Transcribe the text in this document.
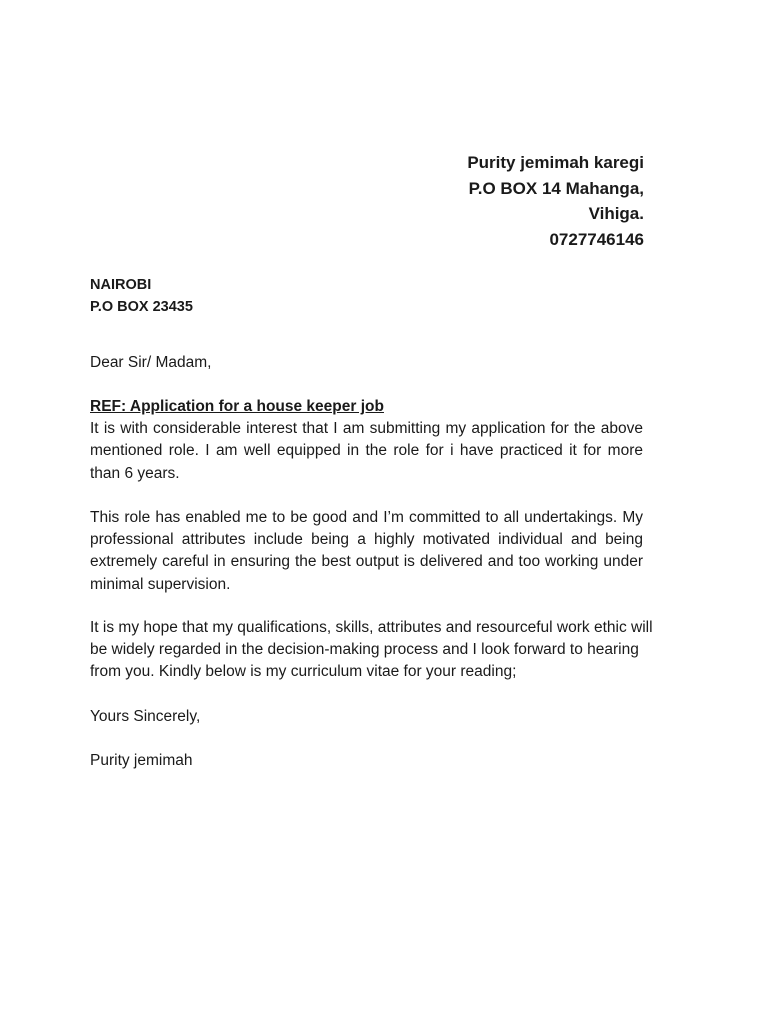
Purity jemimah karegi
P.O BOX 14 Mahanga,
Vihiga.
0727746146
NAIROBI
P.O BOX 23435
Dear Sir/ Madam,
REF: Application for a house keeper job
It is with considerable interest that I am submitting my application for the above mentioned role. I am well equipped in the role for i have practiced it for more than 6 years.
This role has enabled me to be good and I’m committed to all undertakings. My professional attributes include being a highly motivated individual and being extremely careful in ensuring the best output is delivered and too working under minimal supervision.
It is my hope that my qualifications, skills, attributes and resourceful work ethic will be widely regarded in the decision-making process and I look forward to hearing from you. Kindly below is my curriculum vitae for your reading;
Yours Sincerely,
Purity jemimah
